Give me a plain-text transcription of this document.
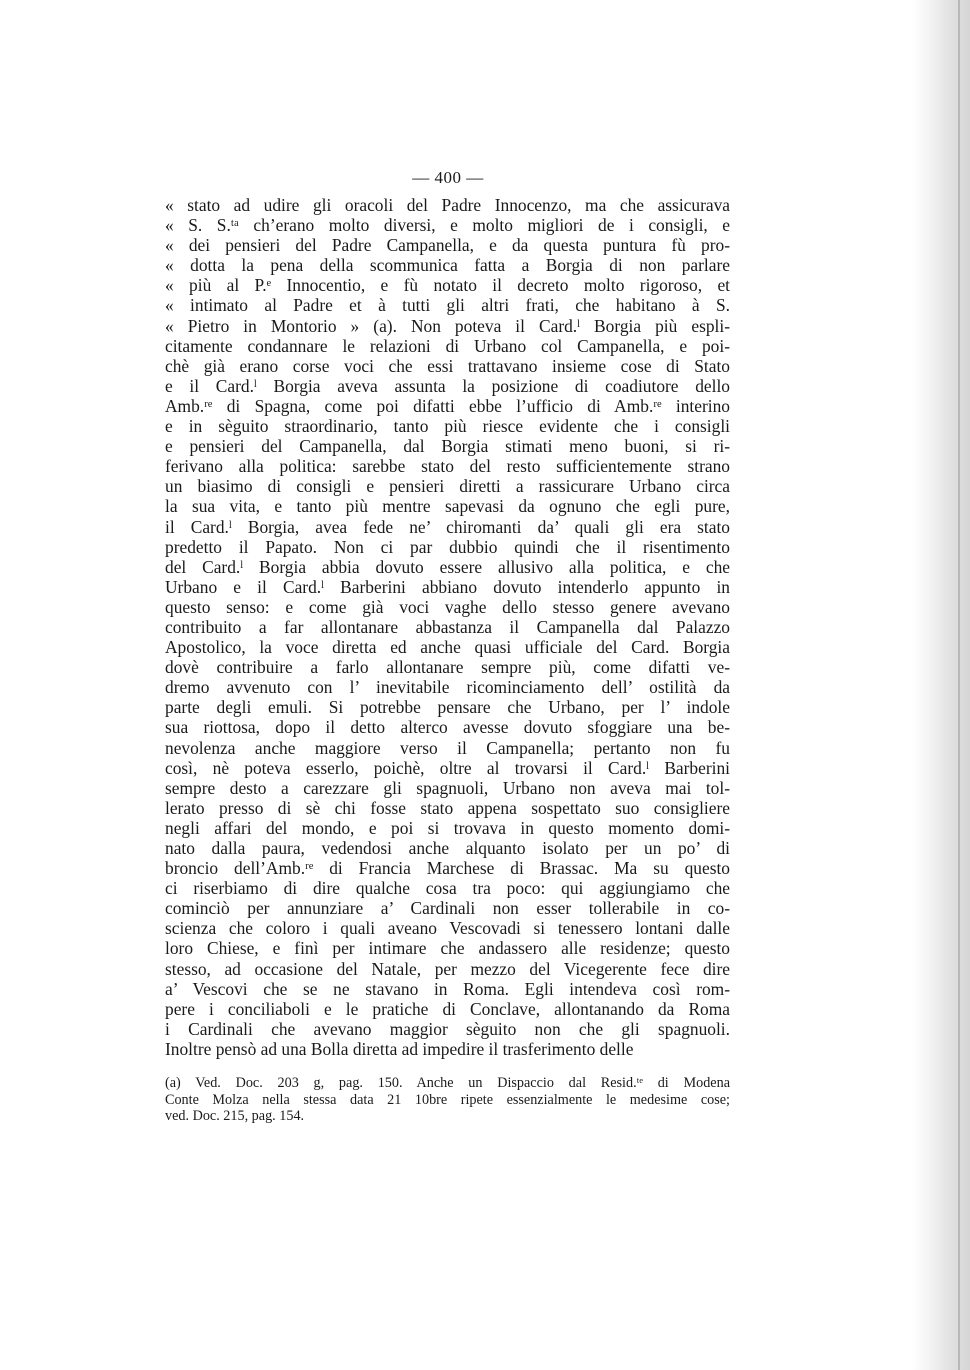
— 400 —
« stato ad udire gli oracoli del Padre Innocenzo, ma che assicurava
« S. S.ᵗᵃ ch’erano molto diversi, e molto migliori de i consigli, e
« dei pensieri del Padre Campanella, e da questa puntura fù pro-
« dotta la pena della scommunica fatta a Borgia di non parlare
« più al P.ᵉ Innocentio, e fù notato il decreto molto rigoroso, et
« intimato al Padre et à tutti gli altri frati, che habitano à S.
« Pietro in Montorio » (a). Non poteva il Card.ˡ Borgia più espli-
citamente condannare le relazioni di Urbano col Campanella, e poi-
chè già erano corse voci che essi trattavano insieme cose di Stato
e il Card.ˡ Borgia aveva assunta la posizione di coadiutore dello
Amb.ʳᵉ di Spagna, come poi difatti ebbe l’ufficio di Amb.ʳᵉ interino
e in sèguito straordinario, tanto più riesce evidente che i consigli
e pensieri del Campanella, dal Borgia stimati meno buoni, si ri-
ferivano alla politica: sarebbe stato del resto sufficientemente strano
un biasimo di consigli e pensieri diretti a rassicurare Urbano circa
la sua vita, e tanto più mentre sapevasi da ognuno che egli pure,
il Card.ˡ Borgia, avea fede ne’ chiromanti da’ quali gli era stato
predetto il Papato. Non ci par dubbio quindi che il risentimento
del Card.ˡ Borgia abbia dovuto essere allusivo alla politica, e che
Urbano e il Card.ˡ Barberini abbiano dovuto intenderlo appunto in
questo senso: e come già voci vaghe dello stesso genere avevano
contribuito a far allontanare abbastanza il Campanella dal Palazzo
Apostolico, la voce diretta ed anche quasi ufficiale del Card. Borgia
dovè contribuire a farlo allontanare sempre più, come difatti ve-
dremo avvenuto con l’ inevitabile ricominciamento dell’ ostilità da
parte degli emuli. Si potrebbe pensare che Urbano, per l’ indole
sua riottosa, dopo il detto alterco avesse dovuto sfoggiare una be-
nevolenza anche maggiore verso il Campanella; pertanto non fu
così, nè poteva esserlo, poichè, oltre al trovarsi il Card.ˡ Barberini
sempre desto a carezzare gli spagnuoli, Urbano non aveva mai tol-
lerato presso di sè chi fosse stato appena sospettato suo consigliere
negli affari del mondo, e poi si trovava in questo momento domi-
nato dalla paura, vedendosi anche alquanto isolato per un po’ di
broncio dell’Amb.ʳᵉ di Francia Marchese di Brassac. Ma su questo
ci riserbiamo di dire qualche cosa tra poco: qui aggiungiamo che
cominciò per annunziare a’ Cardinali non esser tollerabile in co-
scienza che coloro i quali aveano Vescovadi si tenessero lontani dalle
loro Chiese, e finì per intimare che andassero alle residenze; questo
stesso, ad occasione del Natale, per mezzo del Vicegerente fece dire
a’ Vescovi che se ne stavano in Roma. Egli intendeva così rom-
pere i conciliaboli e le pratiche di Conclave, allontanando da Roma
i Cardinali che avevano maggior sèguito non che gli spagnuoli.
Inoltre pensò ad una Bolla diretta ad impedire il trasferimento delle
(a) Ved. Doc. 203 g, pag. 150. Anche un Dispaccio dal Resid.ᵗᵉ di Modena
Conte Molza nella stessa data 21 10bre ripete essenzialmente le medesime cose;
ved. Doc. 215, pag. 154.
